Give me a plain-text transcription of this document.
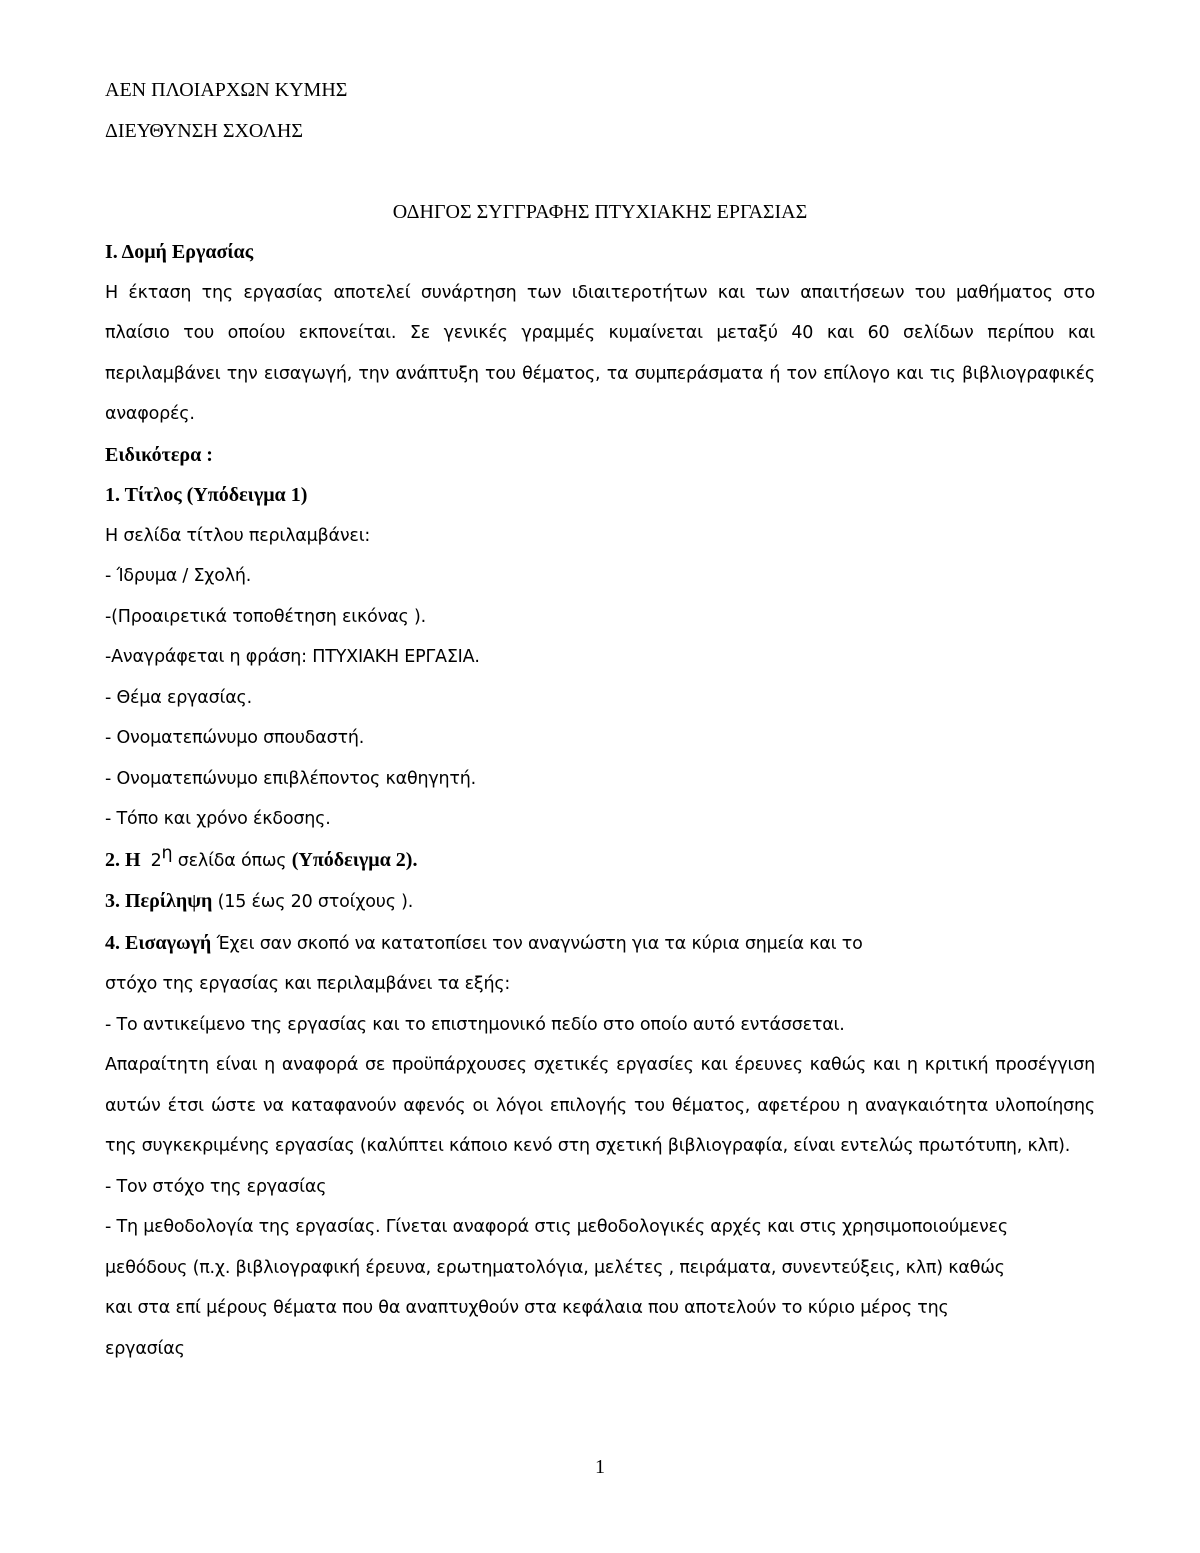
ΑΕΝ ΠΛΟΙΑΡΧΩΝ ΚΥΜΗΣ
ΔΙΕΥΘΥΝΣΗ ΣΧΟΛΗΣ
ΟΔΗΓΟΣ ΣΥΓΓΡΑΦΗΣ ΠΤΥΧΙΑΚΗΣ ΕΡΓΑΣΙΑΣ
Ι. Δομή Εργασίας

Η έκταση της εργασίας αποτελεί συνάρτηση των ιδιαιτεροτήτων και των απαιτήσεων του μαθήματος στο πλαίσιο του οποίου εκπονείται. Σε γενικές γραμμές κυμαίνεται μεταξύ 40 και 60 σελίδων περίπου και περιλαμβάνει την εισαγωγή, την ανάπτυξη του θέματος, τα συμπεράσματα ή τον επίλογο και τις βιβλιογραφικές αναφορές.

Ειδικότερα :
1. Τίτλος (Υπόδειγμα 1)
Η σελίδα τίτλου περιλαμβάνει:
- Ίδρυμα / Σχολή.
-(Προαιρετικά τοποθέτηση εικόνας ).
-Αναγράφεται η φράση: ΠΤΥΧΙΑΚΗ ΕΡΓΑΣΙΑ.
- Θέμα εργασίας.
- Ονοματεπώνυμο σπουδαστή.
- Ονοματεπώνυμο επιβλέποντος καθηγητή.
- Τόπο και χρόνο έκδοσης.
2. Η $2^\eta$ σελίδα όπως (Υπόδειγμα 2).
3. Περίληψη (15 έως 20 στοίχους ).
4. Εισαγωγή Έχει σαν σκοπό να κατατοπίσει τον αναγνώστη για τα κύρια σημεία και το
στόχο της εργασίας και περιλαμβάνει τα εξής:
- Το αντικείμενο της εργασίας και το επιστημονικό πεδίο στο οποίο αυτό εντάσσεται.

Απαραίτητη είναι η αναφορά σε προϋπάρχουσες σχετικές εργασίες και έρευνες καθώς και η κριτική προσέγγιση αυτών έτσι ώστε να καταφανούν αφενός οι λόγοι επιλογής του θέματος, αφετέρου η αναγκαιότητα υλοποίησης της συγκεκριμένης εργασίας (καλύπτει κάποιο κενό στη σχετική βιβλιογραφία, είναι εντελώς πρωτότυπη, κλπ).

- Τον στόχο της εργασίας
- Τη μεθοδολογία της εργασίας. Γίνεται αναφορά στις μεθοδολογικές αρχές και στις χρησιμοποιούμενες
μεθόδους (π.χ. βιβλιογραφική έρευνα, ερωτηματολόγια, μελέτες , πειράματα, συνεντεύξεις, κλπ) καθώς
και στα επί μέρους θέματα που θα αναπτυχθούν στα κεφάλαια που αποτελούν το κύριο μέρος της
εργασίας
1
